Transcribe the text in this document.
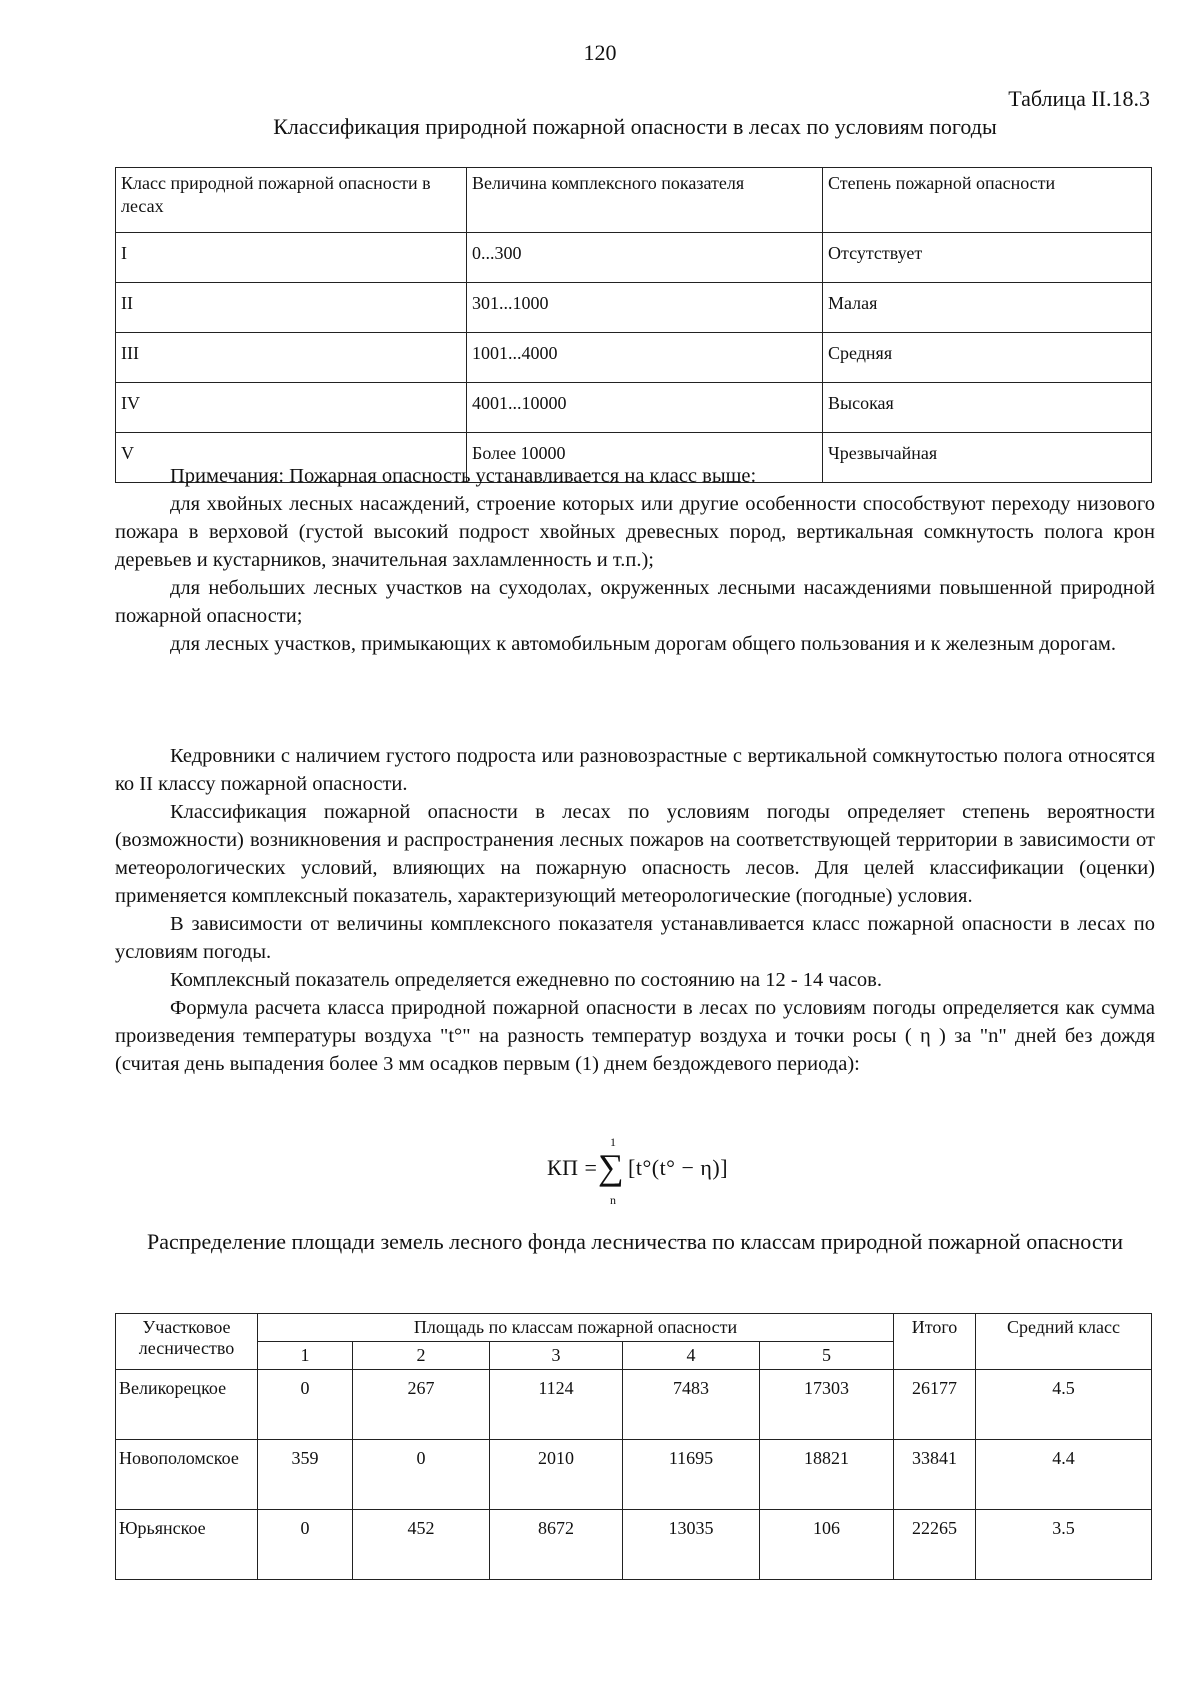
120
Таблица II.18.3
Классификация природной пожарной опасности в лесах по условиям погоды
Класс природной пожарной опасности в лесах	Величина комплексного показателя	Степень пожарной опасности
I	0...300	Отсутствует
II	301...1000	Малая
III	1001...4000	Средняя
IV	4001...10000	Высокая
V	Более 10000	Чрезвычайная

Примечания: Пожарная опасность устанавливается на класс выше:

для хвойных лесных насаждений, строение которых или другие особенности способствуют переходу низового пожара в верховой (густой высокий подрост хвойных древесных пород, вертикальная сомкнутость полога крон деревьев и кустарников, значительная захламленность и т.п.);

для небольших лесных участков на суходолах, окруженных лесными насаждениями повышенной природной пожарной опасности;

для лесных участков, примыкающих к автомобильным дорогам общего пользования и к железным дорогам.

Кедровники с наличием густого подроста или разновозрастные с вертикальной сомкнутостью полога относятся ко II классу пожарной опасности.

Классификация пожарной опасности в лесах по условиям погоды определяет степень вероятности (возможности) возникновения и распространения лесных пожаров на соответствующей территории в зависимости от метеорологических условий, влияющих на пожарную опасность лесов. Для целей классификации (оценки) применяется комплексный показатель, характеризующий метеорологические (погодные) условия.

В зависимости от величины комплексного показателя устанавливается класс пожарной опасности в лесах по условиям погоды.

Комплексный показатель определяется ежедневно по состоянию на 12 - 14 часов.

Формула расчета класса природной пожарной опасности в лесах по условиям погоды определяется как сумма произведения температуры воздуха "t°" на разность температур воздуха и точки росы ( η ) за "n" дней без дождя (считая день выпадения более 3 мм осадков первым (1) днем бездождевого периода):

КП =
1
∑
n
[t°(t° − η)]
Распределение площади земель лесного фонда лесничества по классам природной пожарной опасности
Участковое лесничество	Площадь по классам пожарной опасности					Итого	Средний класс
	1	2	3	4	5		
Великорецкое	0	267	1124	7483	17303	26177	4.5
Новополомское	359	0	2010	11695	18821	33841	4.4
Юрьянское	0	452	8672	13035	106	22265	3.5
